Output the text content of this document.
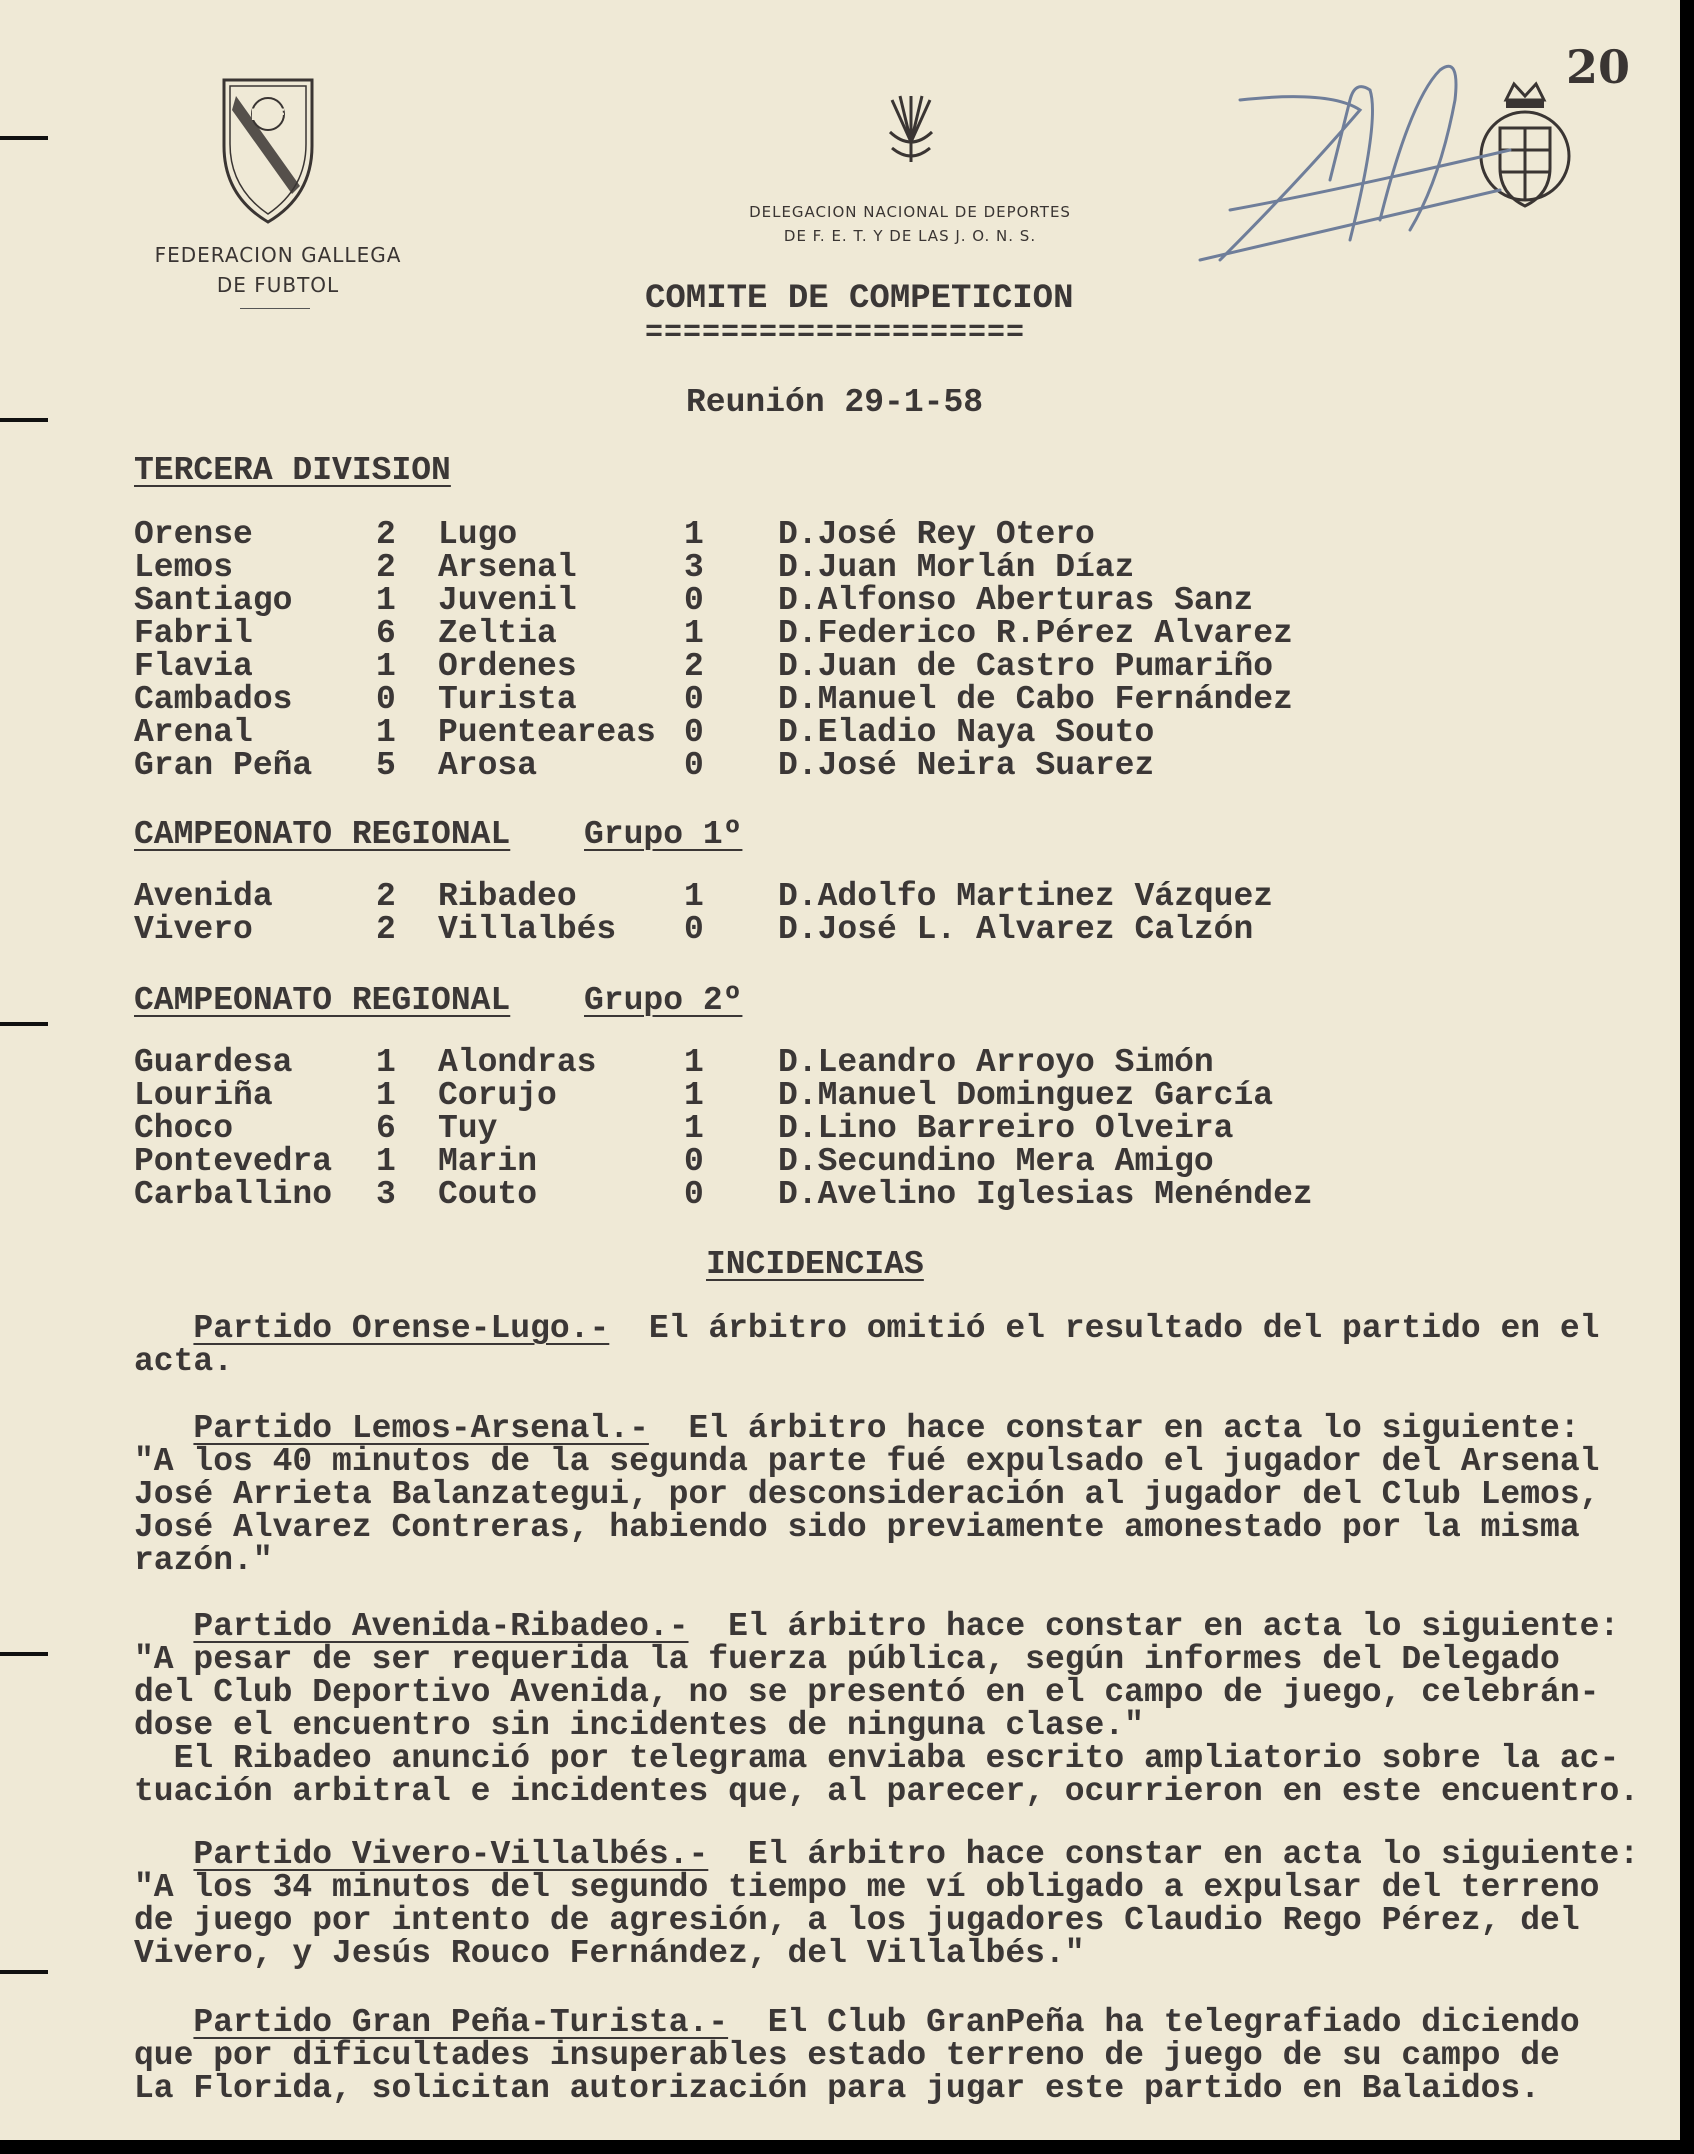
20
FGF
FEDERACION GALLEGA
DE FUBTOL
DELEGACION NACIONAL DE DEPORTES
DE F. E. T. Y DE LAS J. O. N. S.
COMITE DE COMPETICION
====================
Reunión 29-1-58
TERCERA DIVISION
Orense	2	Lugo	1	D.José Rey Otero
Lemos	2	Arsenal	3	D.Juan Morlán Díaz
Santiago	1	Juvenil	0	D.Alfonso Aberturas Sanz
Fabril	6	Zeltia	1	D.Federico R.Pérez Alvarez
Flavia	1	Ordenes	2	D.Juan de Castro Pumariño
Cambados	0	Turista	0	D.Manuel de Cabo Fernández
Arenal	1	Puenteareas	0	D.Eladio Naya Souto
Gran Peña	5	Arosa	0	D.José Neira Suarez
CAMPEONATO REGIONAL Grupo 1º
Avenida	2	Ribadeo	1	D.Adolfo Martinez Vázquez
Vivero	2	Villalbés	0	D.José L. Alvarez Calzón
CAMPEONATO REGIONAL Grupo 2º
Guardesa	1	Alondras	1	D.Leandro Arroyo Simón
Louriña	1	Corujo	1	D.Manuel Dominguez García
Choco	6	Tuy	1	D.Lino Barreiro Olveira
Pontevedra	1	Marin	0	D.Secundino Mera Amigo
Carballino	3	Couto	0	D.Avelino Iglesias Menéndez
INCIDENCIAS
Partido Orense-Lugo.-  El árbitro omitió el resultado del partido en el
acta.
Partido Lemos-Arsenal.-  El árbitro hace constar en acta lo siguiente:
"A los 40 minutos de la segunda parte fué expulsado el jugador del Arsenal
José Arrieta Balanzategui, por desconsideración al jugador del Club Lemos,
José Alvarez Contreras, habiendo sido previamente amonestado por la misma
razón."
Partido Avenida-Ribadeo.-  El árbitro hace constar en acta lo siguiente:
"A pesar de ser requerida la fuerza pública, según informes del Delegado
del Club Deportivo Avenida, no se presentó en el campo de juego, celebrán-
dose el encuentro sin incidentes de ninguna clase."
El Ribadeo anunció por telegrama enviaba escrito ampliatorio sobre la ac-
tuación arbitral e incidentes que, al parecer, ocurrieron en este encuentro.
Partido Vivero-Villalbés.-  El árbitro hace constar en acta lo siguiente:
"A los 34 minutos del segundo tiempo me ví obligado a expulsar del terreno
de juego por intento de agresión, a los jugadores Claudio Rego Pérez, del
Vivero, y Jesús Rouco Fernández, del Villalbés."
Partido Gran Peña-Turista.-  El Club GranPeña ha telegrafiado diciendo
que por dificultades insuperables estado terreno de juego de su campo de
La Florida, solicitan autorización para jugar este partido en Balaidos.
